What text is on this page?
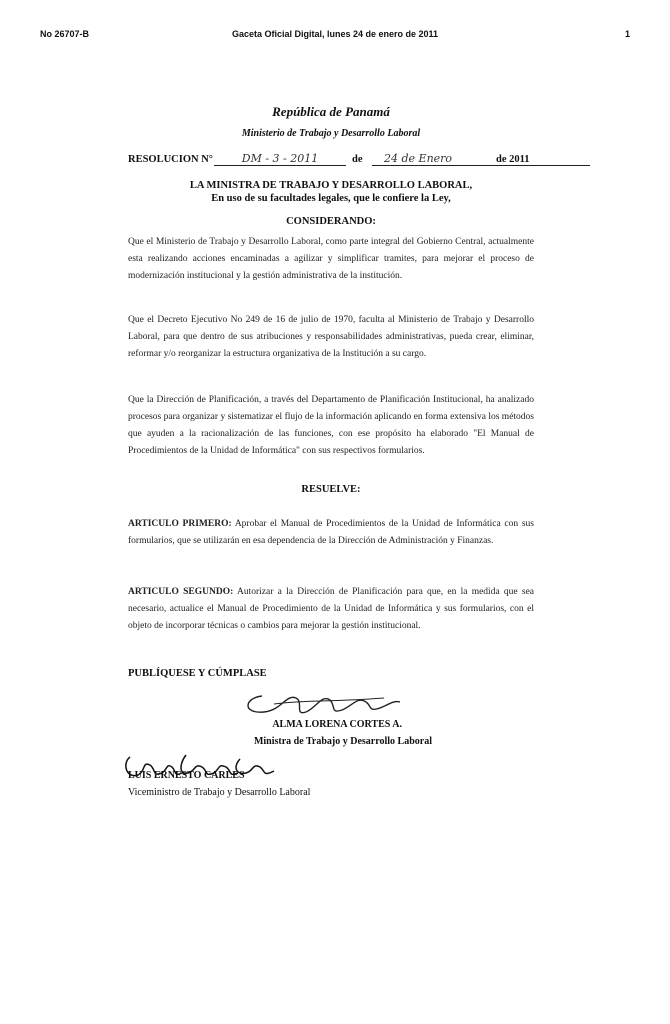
No 26707-B	Gaceta Oficial Digital, lunes 24 de enero de 2011	1
República de Panamá
Ministerio de Trabajo y Desarrollo Laboral
RESOLUCION N°	DM - 3 - 2011	de	24 de Enero	de 2011
LA MINISTRA DE TRABAJO Y DESARROLLO LABORAL,
En uso de su facultades legales, que le confiere la Ley,
CONSIDERANDO:

Que el Ministerio de Trabajo y Desarrollo Laboral, como parte integral del Gobierno Central, actualmente esta realizando acciones encaminadas a agilizar y simplificar tramites, para mejorar el proceso de modernización institucional y la gestión administrativa de la institución.

Que el Decreto Ejecutivo No 249 de 16 de julio de 1970, faculta al Ministerio de Trabajo y Desarrollo Laboral, para que dentro de sus atribuciones y responsabilidades administrativas, pueda crear, eliminar, reformar y/o reorganizar la estructura organizativa de la Institución a su cargo.

Que la Dirección de Planificación, a través del Departamento de Planificación Institucional, ha analizado procesos para organizar y sistematizar el flujo de la información aplicando en forma extensiva los métodos que ayuden a la racionalización de las funciones, con ese propósito ha elaborado "El Manual de Procedimientos de la Unidad de Informática" con sus respectivos formularios.

RESUELVE:

ARTICULO PRIMERO: Aprobar el Manual de Procedimientos de la Unidad de Informática con sus formularios, que se utilizarán en esa dependencia de la Dirección de Administración y Finanzas.

ARTICULO SEGUNDO: Autorizar a la Dirección de Planificación para que, en la medida que sea necesario, actualice el Manual de Procedimiento de la Unidad de Informática y sus formularios, con el objeto de incorporar técnicas o cambios para mejorar la gestión institucional.

PUBLÍQUESE Y CÚMPLASE
ALMA LORENA CORTES A.
Ministra de Trabajo y Desarrollo Laboral
LUIS ERNESTO CARLES
Viceministro de Trabajo y Desarrollo Laboral
